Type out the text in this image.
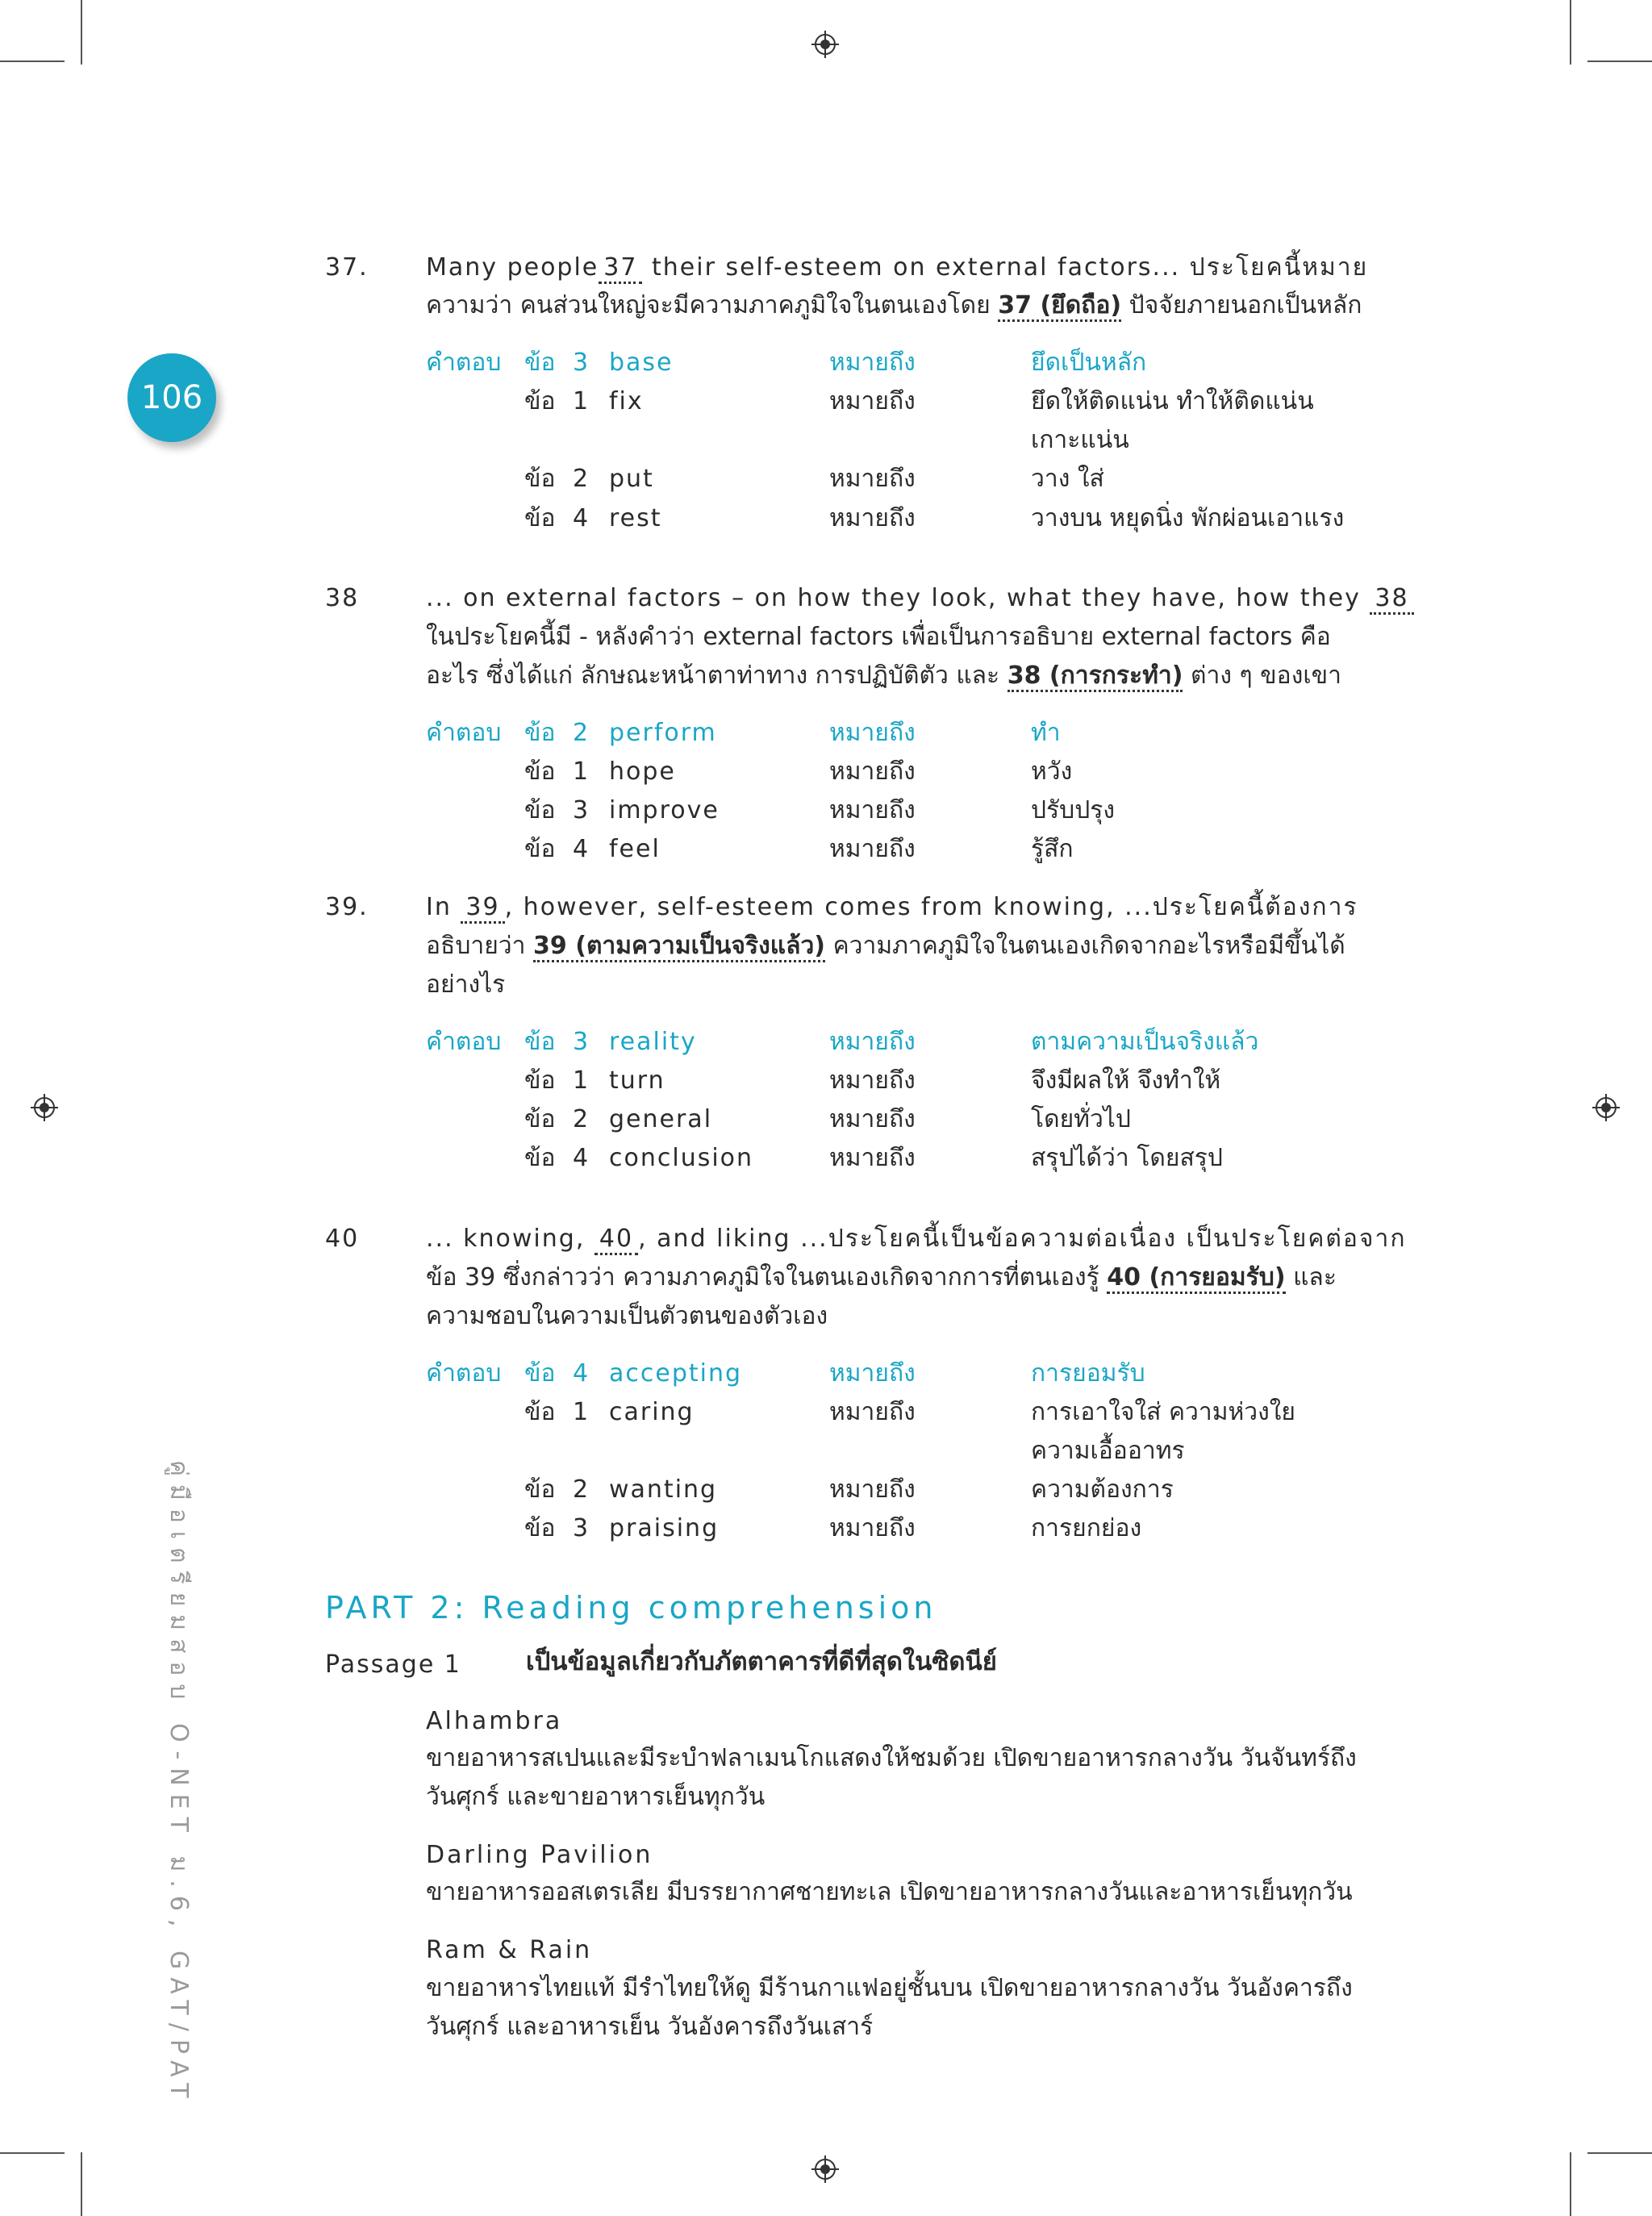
106
คู่มือเตรียมสอบ O-NET ม.6, GAT/PAT
37. Many people 37 their self-esteem on external factors... ประโยคนี้หมาย
ความว่า คนส่วนใหญ่จะมีความภาคภูมิใจในตนเองโดย 37 (ยึดถือ) ปัจจัยภายนอกเป็นหลัก
คำตอบ ข้อ 3 base	หมายถึง	ยึดเป็นหลัก
ข้อ 1 fix	หมายถึง	ยึดให้ติดแน่น ทำให้ติดแน่น
เกาะแน่น
ข้อ 2 put	หมายถึง	วาง ใส่
ข้อ 4 rest	หมายถึง	วางบน หยุดนิ่ง พักผ่อนเอาแรง
38	... on external factors – on how they look, what they have, how they 38
ในประโยคนี้มี - หลังคำว่า external factors เพื่อเป็นการอธิบาย external factors คือ
อะไร ซึ่งได้แก่ ลักษณะหน้าตาท่าทาง การปฏิบัติตัว และ 38 (การกระทำ) ต่าง ๆ ของเขา
คำตอบ ข้อ 2 perform	หมายถึง	ทำ
ข้อ 1 hope	หมายถึง	หวัง
ข้อ 3 improve	หมายถึง	ปรับปรุง
ข้อ 4 feel	หมายถึง	รู้สึก
39. In 39 , however, self-esteem comes from knowing, ...ประโยคนี้ต้องการ
อธิบายว่า 39 (ตามความเป็นจริงแล้ว) ความภาคภูมิใจในตนเองเกิดจากอะไรหรือมีขึ้นได้
อย่างไร
คำตอบ ข้อ 3 reality	หมายถึง	ตามความเป็นจริงแล้ว
ข้อ 1 turn	หมายถึง	จึงมีผลให้ จึงทำให้
ข้อ 2 general	หมายถึง	โดยทั่วไป
ข้อ 4 conclusion	หมายถึง	สรุปได้ว่า โดยสรุป
40	... knowing, 40 , and liking ...ประโยคนี้เป็นข้อความต่อเนื่อง เป็นประโยคต่อจาก
ข้อ 39 ซึ่งกล่าวว่า ความภาคภูมิใจในตนเองเกิดจากการที่ตนเองรู้ 40 (การยอมรับ) และ
ความชอบในความเป็นตัวตนของตัวเอง
คำตอบ ข้อ 4 accepting	หมายถึง	การยอมรับ
ข้อ 1 caring	หมายถึง	การเอาใจใส่ ความห่วงใย
ความเอื้ออาทร
ข้อ 2 wanting	หมายถึง	ความต้องการ
ข้อ 3 praising	หมายถึง	การยกย่อง
PART 2: Reading comprehension
Passage 1	เป็นข้อมูลเกี่ยวกับภัตตาคารที่ดีที่สุดในซิดนีย์
Alhambra
ขายอาหารสเปนและมีระบำฟลาเมนโกแสดงให้ชมด้วย เปิดขายอาหารกลางวัน วันจันทร์ถึง
วันศุกร์ และขายอาหารเย็นทุกวัน
Darling Pavilion
ขายอาหารออสเตรเลีย มีบรรยากาศชายทะเล เปิดขายอาหารกลางวันและอาหารเย็นทุกวัน
Ram & Rain
ขายอาหารไทยแท้ มีรำไทยให้ดู มีร้านกาแฟอยู่ชั้นบน เปิดขายอาหารกลางวัน วันอังคารถึง
วันศุกร์ และอาหารเย็น วันอังคารถึงวันเสาร์
